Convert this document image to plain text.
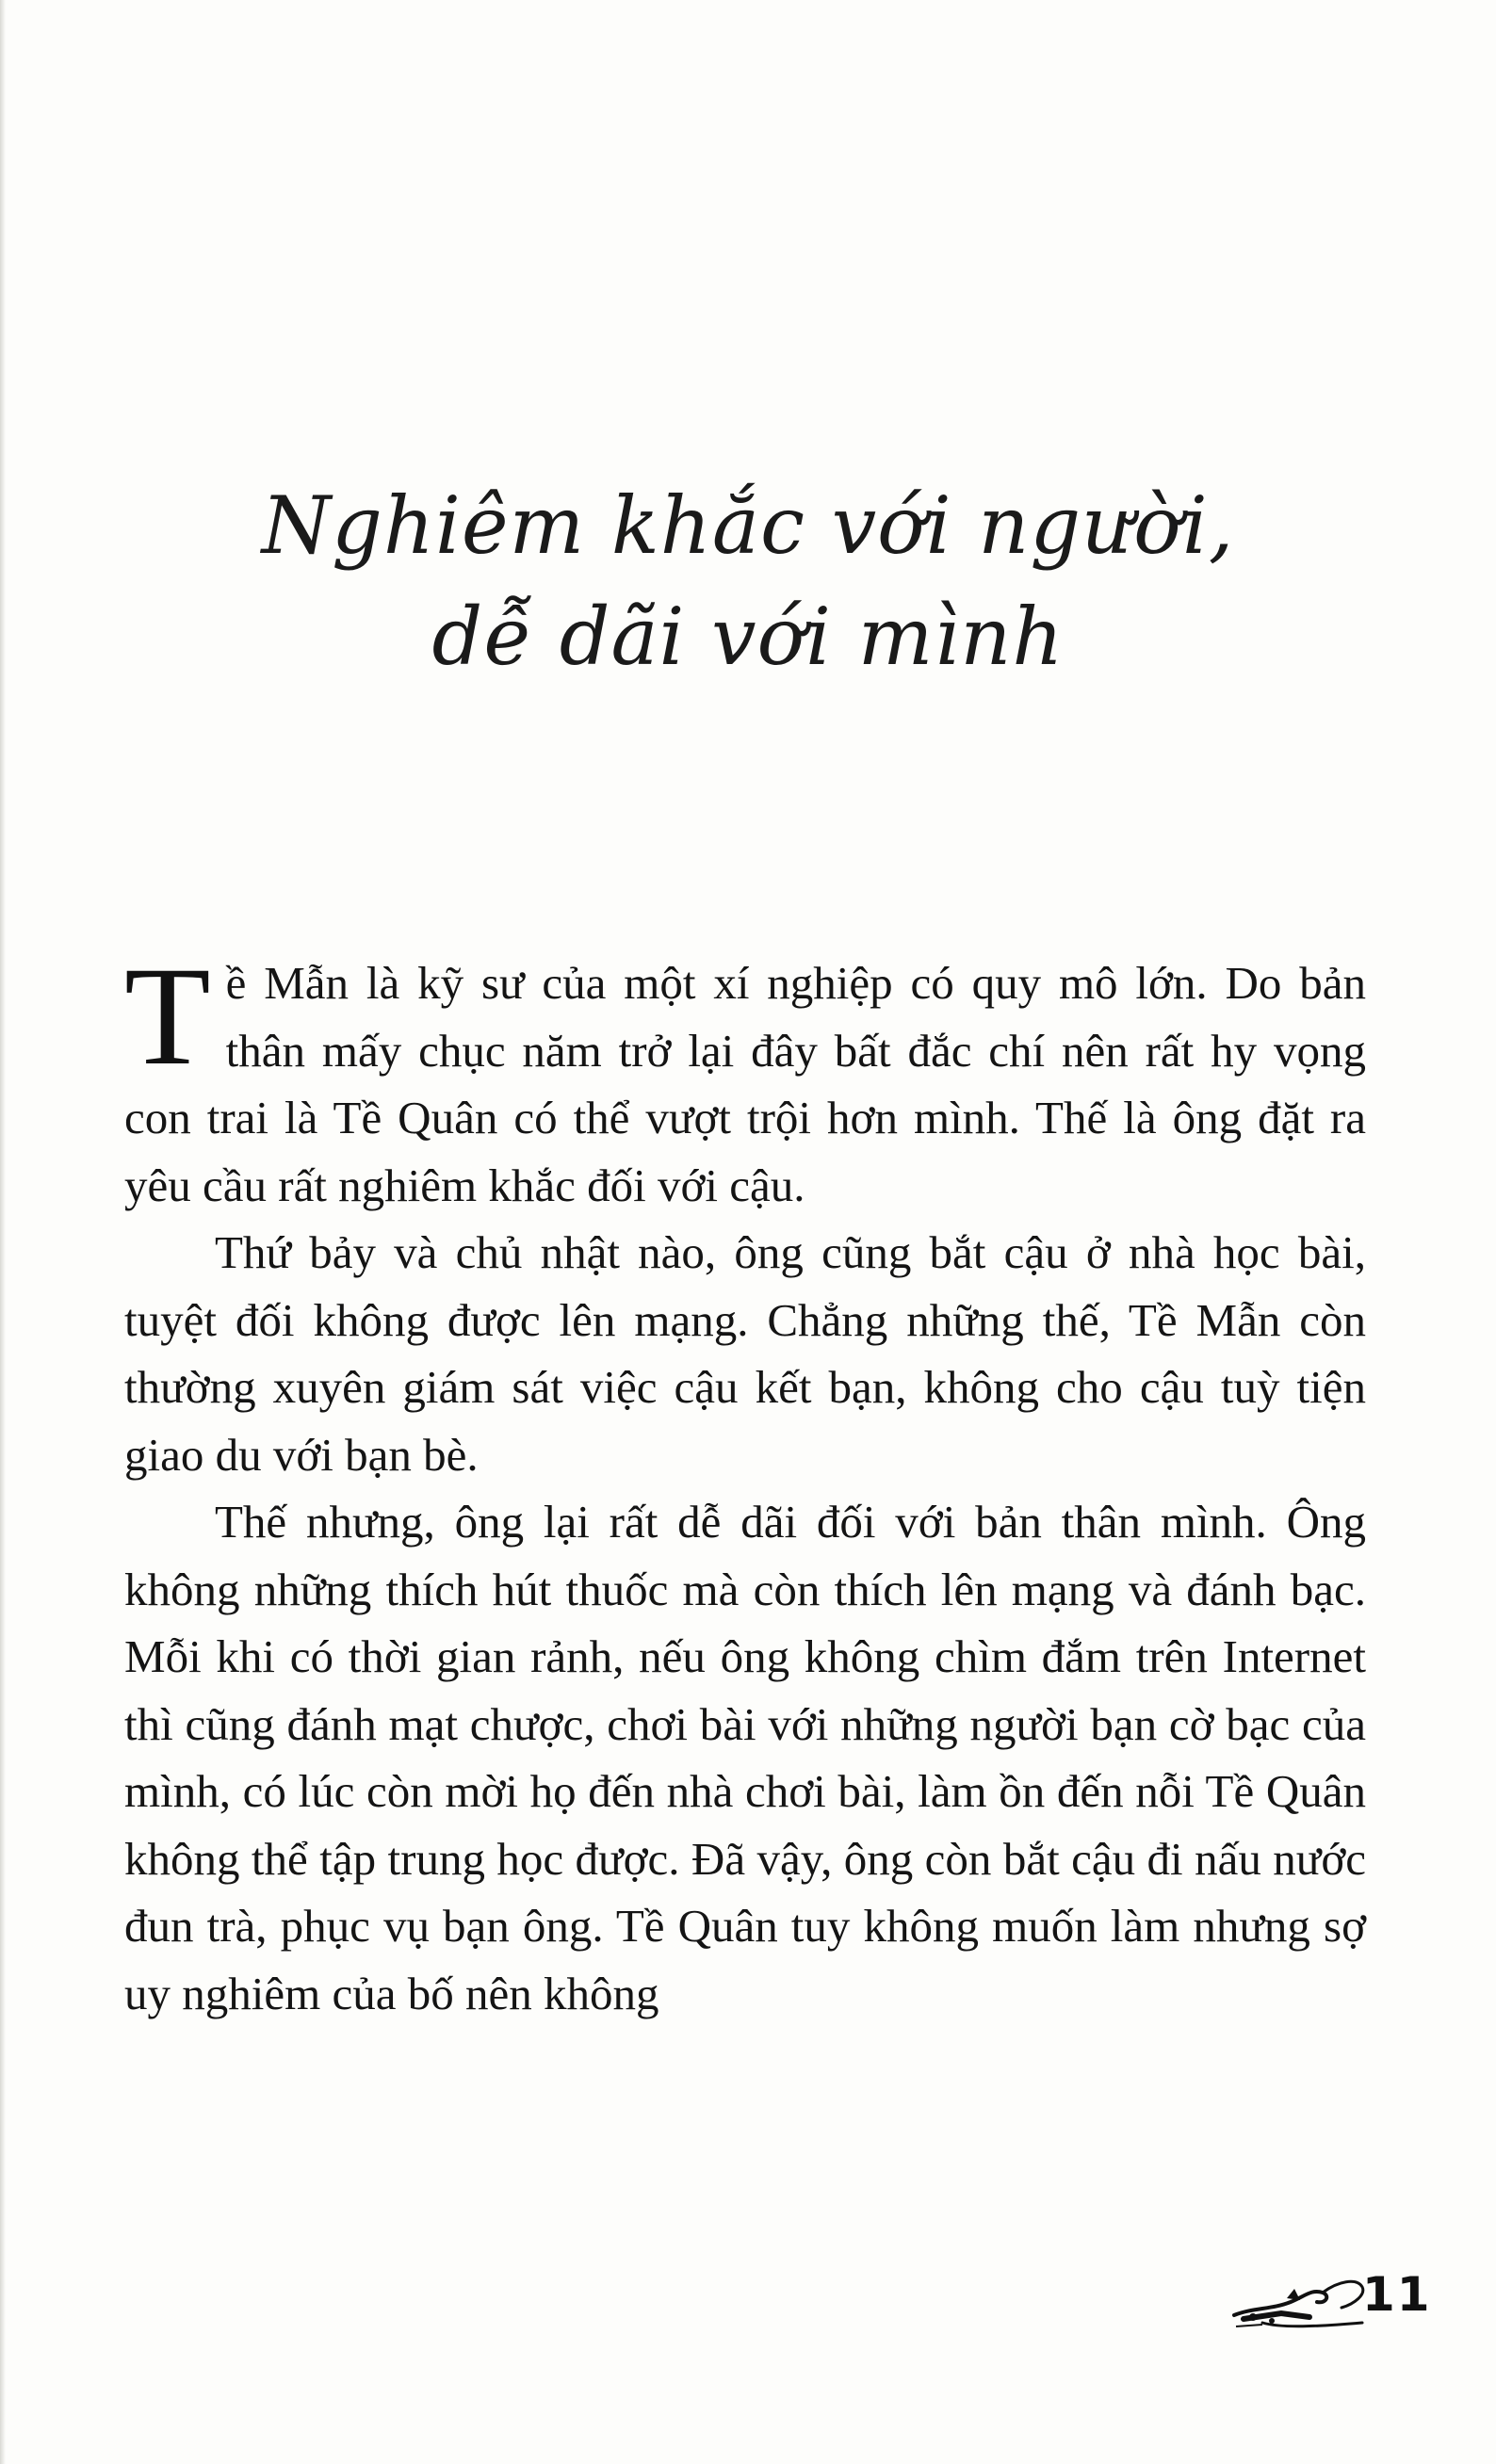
Nghiêm khắc với người,
dễ dãi với mình

Tề Mẫn là kỹ sư của một xí nghiệp có quy mô lớn. Do bản thân mấy chục năm trở lại đây bất đắc chí nên rất hy vọng con trai là Tề Quân có thể vượt trội hơn mình. Thế là ông đặt ra yêu cầu rất nghiêm khắc đối với cậu.

Thứ bảy và chủ nhật nào, ông cũng bắt cậu ở nhà học bài, tuyệt đối không được lên mạng. Chẳng những thế, Tề Mẫn còn thường xuyên giám sát việc cậu kết bạn, không cho cậu tuỳ tiện giao du với bạn bè.

Thế nhưng, ông lại rất dễ dãi đối với bản thân mình. Ông không những thích hút thuốc mà còn thích lên mạng và đánh bạc. Mỗi khi có thời gian rảnh, nếu ông không chìm đắm trên Internet thì cũng đánh mạt chược, chơi bài với những người bạn cờ bạc của mình, có lúc còn mời họ đến nhà chơi bài, làm ồn đến nỗi Tề Quân không thể tập trung học được. Đã vậy, ông còn bắt cậu đi nấu nước đun trà, phục vụ bạn ông. Tề Quân tuy không muốn làm nhưng sợ uy nghiêm của bố nên không

11
